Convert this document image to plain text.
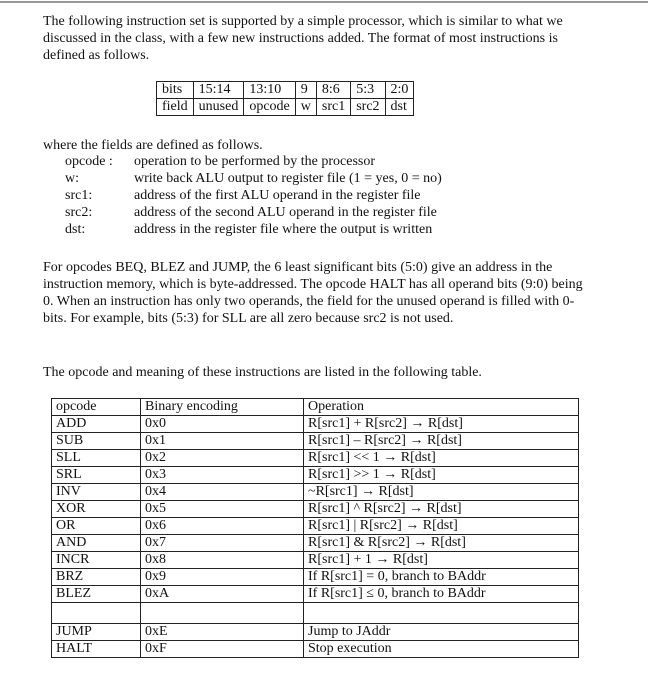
The following instruction set is supported by a simple processor, which is similar to what we discussed in the class, with a few new instructions added. The format of most instructions is defined as follows.
bits	15:14	13:10	9	8:6	5:3	2:0
field	unused	opcode	w	src1	src2	dst
where the fields are defined as follows.
opcode :	operation to be performed by the processor
w:	write back ALU output to register file (1 = yes, 0 = no)
src1:	address of the first ALU operand in the register file
src2:	address of the second ALU operand in the register file
dst:	address in the register file where the output is written
For opcodes BEQ, BLEZ and JUMP, the 6 least significant bits (5:0) give an address in the instruction memory, which is byte-addressed. The opcode HALT has all operand bits (9:0) being 0. When an instruction has only two operands, the field for the unused operand is filled with 0-bits. For example, bits (5:3) for SLL are all zero because src2 is not used.
The opcode and meaning of these instructions are listed in the following table.
opcode	Binary encoding	Operation
ADD	0x0	R[src1] + R[src2] → R[dst]
SUB	0x1	R[src1] – R[src2] → R[dst]
SLL	0x2	R[src1] << 1 → R[dst]
SRL	0x3	R[src1] >> 1 → R[dst]
INV	0x4	~R[src1] → R[dst]
XOR	0x5	R[src1] ^ R[src2] → R[dst]
OR	0x6	R[src1] | R[src2] → R[dst]
AND	0x7	R[src1] & R[src2] → R[dst]
INCR	0x8	R[src1] + 1 → R[dst]
BRZ	0x9	If R[src1] = 0, branch to BAddr
BLEZ	0xA	If R[src1] ≤ 0, branch to BAddr

JUMP	0xE	Jump to JAddr
HALT	0xF	Stop execution
